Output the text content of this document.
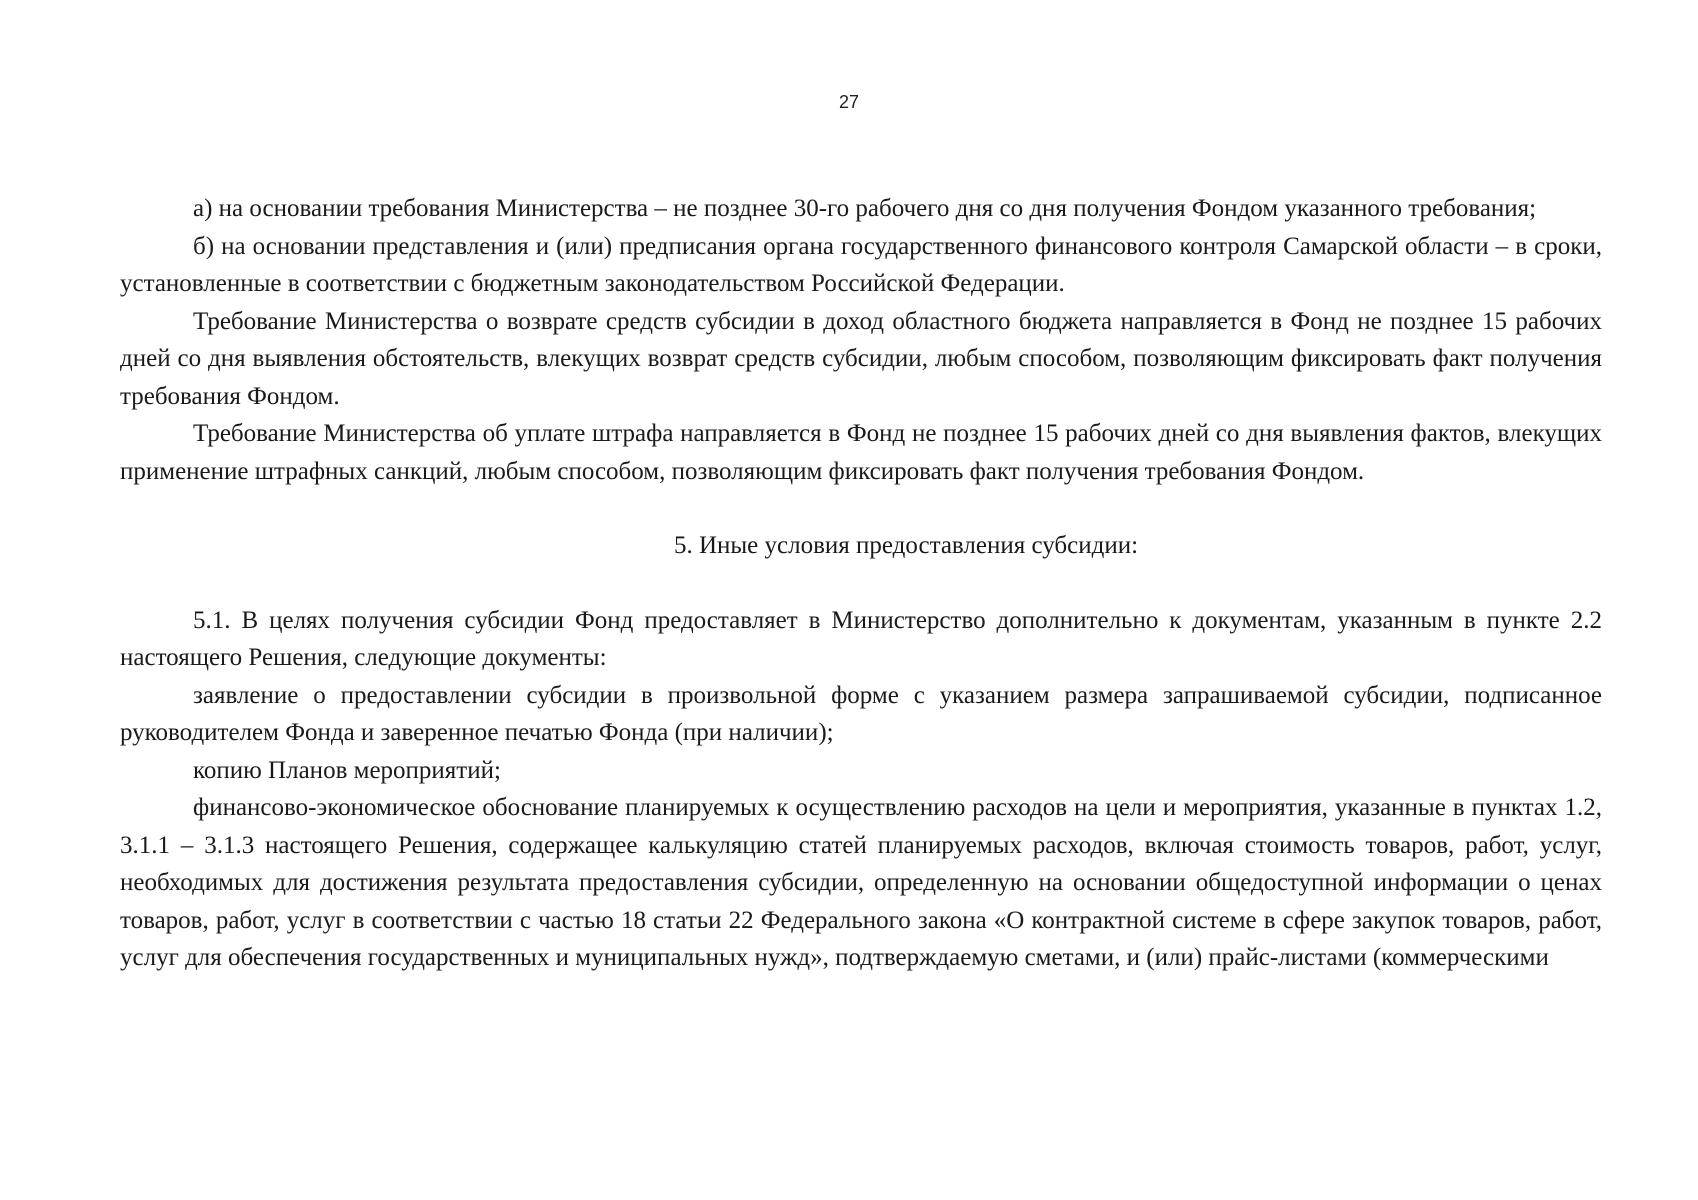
27

а) на основании требования Министерства – не позднее 30-го рабочего дня со дня получения Фондом указанного требования;

б) на основании представления и (или) предписания органа государственного финансового контроля Самарской области – в сроки, установленные в соответствии с бюджетным законодательством Российской Федерации.

Требование Министерства о возврате средств субсидии в доход областного бюджета направляется в Фонд не позднее 15 рабочих дней со дня выявления обстоятельств, влекущих возврат средств субсидии, любым способом, позволяющим фиксировать факт получения требования Фондом.

Требование Министерства об уплате штрафа направляется в Фонд не позднее 15 рабочих дней со дня выявления фактов, влекущих применение штрафных санкций, любым способом, позволяющим фиксировать факт получения требования Фондом.

5. Иные условия предоставления субсидии:

5.1. В целях получения субсидии Фонд предоставляет в Министерство дополнительно к документам, указанным в пункте 2.2 настоящего Решения, следующие документы:

заявление о предоставлении субсидии в произвольной форме с указанием размера запрашиваемой субсидии, подписанное руководителем Фонда и заверенное печатью Фонда (при наличии);

копию Планов мероприятий;

финансово-экономическое обоснование планируемых к осуществлению расходов на цели и мероприятия, указанные в пунктах 1.2, 3.1.1 – 3.1.3 настоящего Решения, содержащее калькуляцию статей планируемых расходов, включая стоимость товаров, работ, услуг, необходимых для достижения результата предоставления субсидии, определенную на основании общедоступной информации о ценах товаров, работ, услуг в соответствии с частью 18 статьи 22 Федерального закона «О контрактной системе в сфере закупок товаров, работ, услуг для обеспечения государственных и муниципальных нужд», подтверждаемую сметами, и (или) прайс-листами (коммерческими
